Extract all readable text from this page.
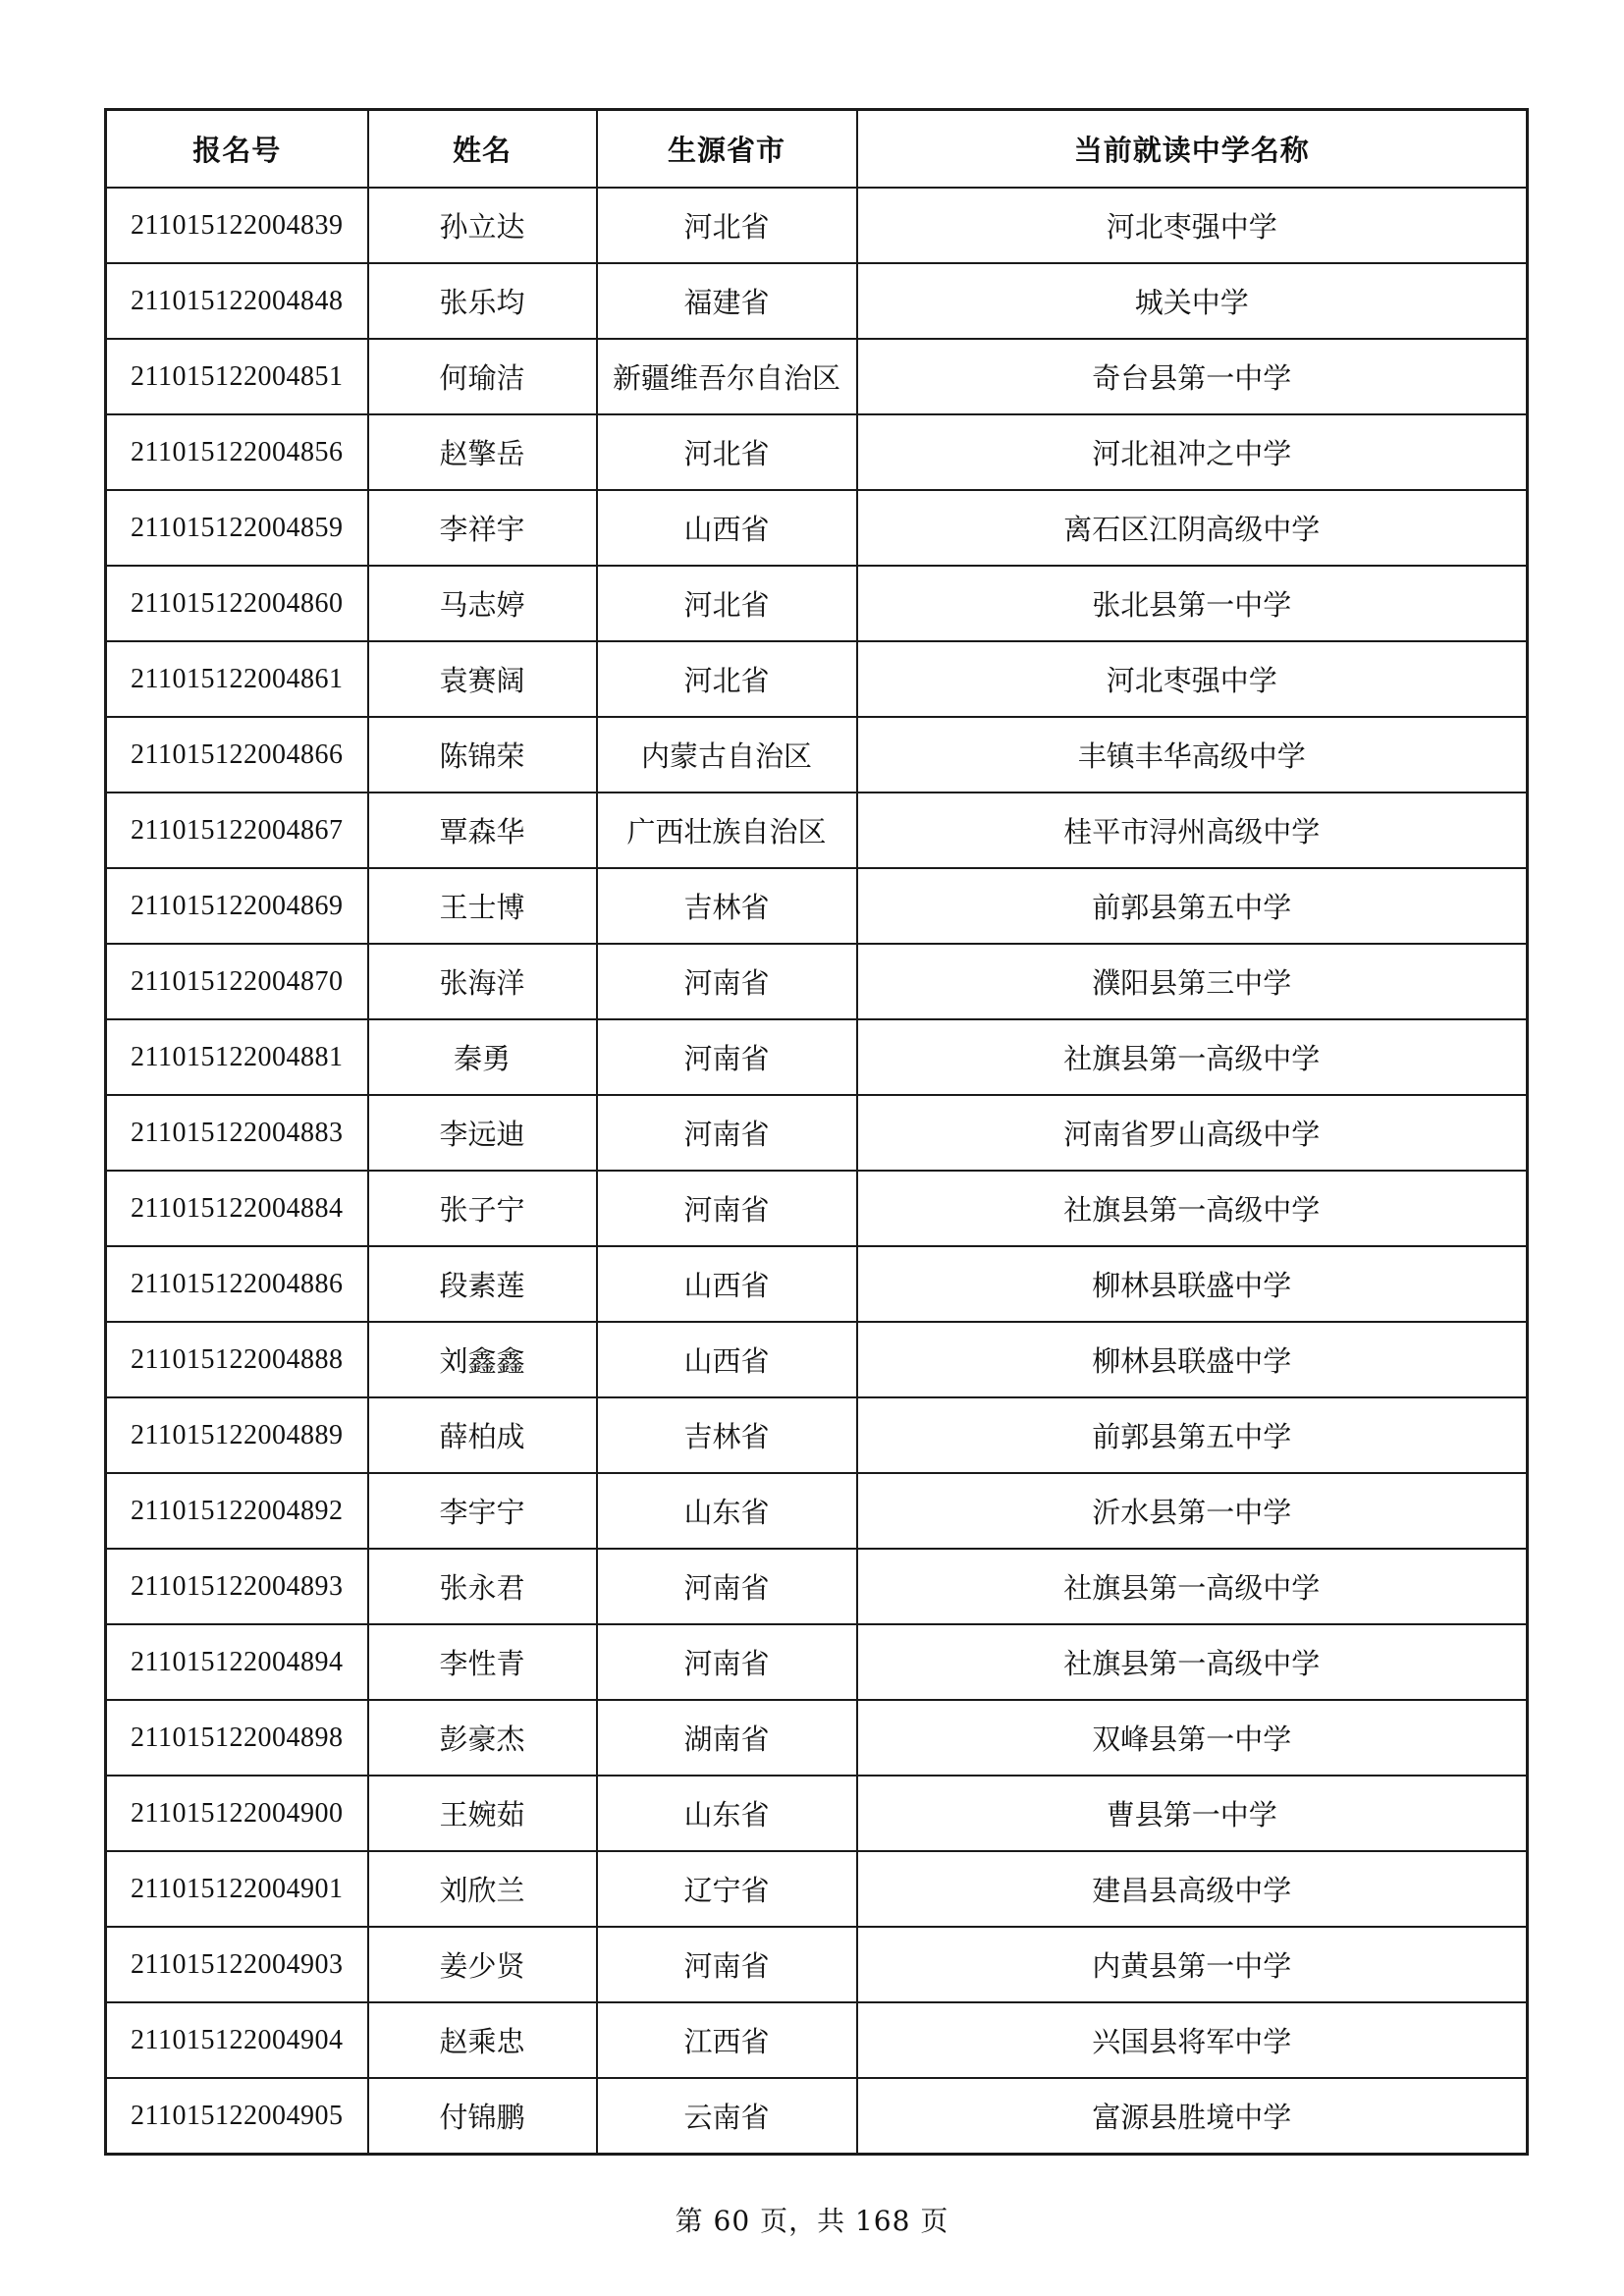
报名号	姓名	生源省市	当前就读中学名称
211015122004839	孙立达	河北省	河北枣强中学
211015122004848	张乐均	福建省	城关中学
211015122004851	何瑜洁	新疆维吾尔自治区	奇台县第一中学
211015122004856	赵擎岳	河北省	河北祖冲之中学
211015122004859	李祥宇	山西省	离石区江阴高级中学
211015122004860	马志婷	河北省	张北县第一中学
211015122004861	袁赛阔	河北省	河北枣强中学
211015122004866	陈锦荣	内蒙古自治区	丰镇丰华高级中学
211015122004867	覃森华	广西壮族自治区	桂平市浔州高级中学
211015122004869	王士博	吉林省	前郭县第五中学
211015122004870	张海洋	河南省	濮阳县第三中学
211015122004881	秦勇	河南省	社旗县第一高级中学
211015122004883	李远迪	河南省	河南省罗山高级中学
211015122004884	张子宁	河南省	社旗县第一高级中学
211015122004886	段素莲	山西省	柳林县联盛中学
211015122004888	刘鑫鑫	山西省	柳林县联盛中学
211015122004889	薛柏成	吉林省	前郭县第五中学
211015122004892	李宇宁	山东省	沂水县第一中学
211015122004893	张永君	河南省	社旗县第一高级中学
211015122004894	李性青	河南省	社旗县第一高级中学
211015122004898	彭豪杰	湖南省	双峰县第一中学
211015122004900	王婉茹	山东省	曹县第一中学
211015122004901	刘欣兰	辽宁省	建昌县高级中学
211015122004903	姜少贤	河南省	内黄县第一中学
211015122004904	赵乘忠	江西省	兴国县将军中学
211015122004905	付锦鹏	云南省	富源县胜境中学
第 60 页，共 168 页
